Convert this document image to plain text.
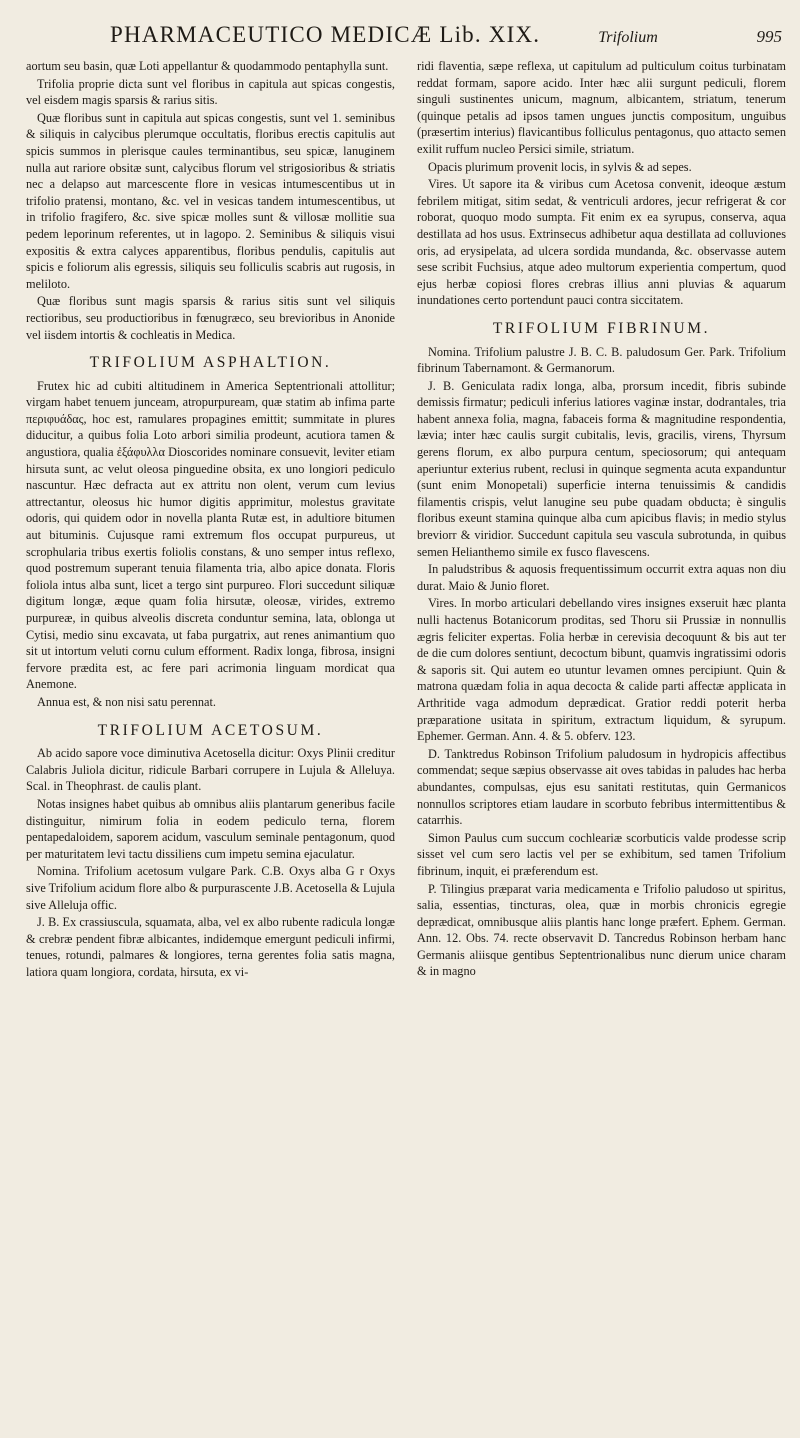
PHARMACEUTICO MEDICÆ Lib. XIX.	Trifolium	995

aortum seu basin, quæ Loti appellantur & quodammodo pentaphylla sunt.

Trifolia proprie dicta sunt vel floribus in capitula aut spicas congestis, vel eisdem magis sparsis & rarius sitis.

Quæ floribus sunt in capitula aut spicas congestis, sunt vel 1. seminibus & siliquis in calycibus plerumque occultatis, floribus erectis capitulis aut spicis summos in plerisque caules terminantibus, seu spicæ, lanuginem nulla aut rariore obsitæ sunt, calycibus florum vel strigosioribus & striatis nec a delapso aut marcescente flore in vesicas intumescentibus ut in trifolio pratensi, montano, &c. vel in vesicas tandem intumescentibus, ut in trifolio fragifero, &c. sive spicæ molles sunt & villosæ mollitie sua pedem leporinum referentes, ut in lagopo. 2. Seminibus & siliquis visui expositis & extra calyces apparentibus, floribus pendulis, capitulis aut spicis e foliorum alis egressis, siliquis seu folliculis scabris aut rugosis, in meliloto.

Quæ floribus sunt magis sparsis & rarius sitis sunt vel siliquis rectioribus, seu productioribus in fœnugræco, seu brevioribus in Anonide vel iisdem intortis & cochleatis in Medica.

TRIFOLIUM ASPHALTION.

Frutex hic ad cubiti altitudinem in America Septentrionali attollitur; virgam habet tenuem junceam, atropurpuream, quæ statim ab infima parte περιφυάδας, hoc est, ramulares propagines emittit; summitate in plures diducitur, a quibus folia Loto arbori similia prodeunt, acutiora tamen & angustiora, qualia ἐξάφυλλα Dioscorides nominare consuevit, leviter etiam hirsuta sunt, ac velut oleosa pinguedine obsita, ex uno longiori pediculo nascuntur. Hæc defracta aut ex attritu non olent, verum cum levius attrectantur, oleosus hic humor digitis apprimitur, molestus gravitate odoris, qui quidem odor in novella planta Rutæ est, in adultiore bitumen aut bituminis. Cujusque rami extremum flos occupat purpureus, ut scrophularia tribus exertis foliolis constans, & uno semper intus reflexo, quod postremum superant tenuia filamenta tria, albo apice donata. Floris foliola intus alba sunt, licet a tergo sint purpureo. Flori succedunt siliquæ digitum longæ, æque quam folia hirsutæ, oleosæ, virides, extremo purpureæ, in quibus alveolis discreta conduntur semina, lata, oblonga ut Cytisi, medio sinu excavata, ut faba purgatrix, aut renes animantium quo sit ut intortum veluti cornu culum efforment. Radix longa, fibrosa, insigni fervore prædita est, ac fere pari acrimonia linguam mordicat qua Anemone.

Annua est, & non nisi satu perennat.

TRIFOLIUM ACETOSUM.

Ab acido sapore voce diminutiva Acetosella dicitur: Oxys Plinii creditur Calabris Juliola dicitur, ridicule Barbari corrupere in Lujula & Alleluya. Scal. in Theophrast. de caulis plant.

Notas insignes habet quibus ab omnibus aliis plantarum generibus facile distinguitur, nimirum folia in eodem pediculo terna, florem pentapedaloidem, saporem acidum, vasculum seminale pentagonum, quod per maturitatem levi tactu dissiliens cum impetu semina ejaculatur.

Nomina. Trifolium acetosum vulgare Park. C.B. Oxys alba G r Oxys sive Trifolium acidum flore albo & purpurascente J.B. Acetosella & Lujula sive Alleluja offic.

J. B. Ex crassiuscula, squamata, alba, vel ex albo rubente radicula longæ & crebræ pendent fibræ albicantes, indidemque emergunt pediculi infirmi, tenues, rotundi, palmares & longiores, terna gerentes folia satis magna, latiora quam longiora, cordata, hirsuta, ex vi-

ridi flaventia, sæpe reflexa, ut capitulum ad pulticulum coitus turbinatam reddat formam, sapore acido. Inter hæc alii surgunt pediculi, florem singuli sustinentes unicum, magnum, albicantem, striatum, tenerum (quinque petalis ad ipsos tamen ungues junctis compositum, unguibus (præsertim interius) flavicantibus folliculus pentagonus, quo attacto semen exilit ruffum nucleo Persici simile, striatum.

Opacis plurimum provenit locis, in sylvis & ad sepes.

Vires. Ut sapore ita & viribus cum Acetosa convenit, ideoque æstum febrilem mitigat, sitim sedat, & ventriculi ardores, jecur refrigerat & cor roborat, quoquo modo sumpta. Fit enim ex ea syrupus, conserva, aqua destillata ad hos usus. Extrinsecus adhibetur aqua destillata ad colluviones oris, ad erysipelata, ad ulcera sordida mundanda, &c. observasse autem sese scribit Fuchsius, atque adeo multorum experientia compertum, quod ejus herbæ copiosi flores crebras illius anni pluvias & aquarum inundationes certo portendunt pauci contra siccitatem.

TRIFOLIUM FIBRINUM.

Nomina. Trifolium palustre J. B. C. B. paludosum Ger. Park. Trifolium fibrinum Tabernamont. & Germanorum.

J. B. Geniculata radix longa, alba, prorsum incedit, fibris subinde demissis firmatur; pediculi inferius latiores vaginæ instar, dodrantales, tria habent annexa folia, magna, fabaceis forma & magnitudine respondentia, lævia; inter hæc caulis surgit cubitalis, levis, gracilis, virens, Thyrsum gerens florum, ex albo purpura centum, speciosorum; qui antequam aperiuntur exterius rubent, reclusi in quinque segmenta acuta expanduntur (sunt enim Monopetali) superficie interna tenuissimis & candidis filamentis crispis, velut lanugine seu pube quadam obducta; è singulis floribus exeunt stamina quinque alba cum apicibus flavis; in medio stylus breviorr & viridior. Succedunt capitula seu vascula subrotunda, in quibus semen Helianthemo simile ex fusco flavescens.

In paludstribus & aquosis frequentissimum occurrit extra aquas non diu durat. Maio & Junio floret.

Vires. In morbo articulari debellando vires insignes exseruit hæc planta nulli hactenus Botanicorum proditas, sed Thoru sii Prussiæ in nonnullis ægris feliciter expertas. Folia herbæ in cerevisia decoquunt & bis aut ter de die cum dolores sentiunt, decoctum bibunt, quamvis ingratissimi odoris & saporis sit. Qui autem eo utuntur levamen omnes percipiunt. Quin & matrona quædam folia in aqua decocta & calide parti affectæ applicata in Arthritide vaga admodum deprædicat. Gratior reddi poterit herba præparatione usitata in spiritum, extractum liquidum, & syrupum. Ephemer. German. Ann. 4. & 5. obferv. 123.

D. Tanktredus Robinson Trifolium paludosum in hydropicis affectibus commendat; seque sæpius observasse ait oves tabidas in paludes hac herba abundantes, compulsas, ejus esu sanitati restitutas, quin Germanicos nonnullos scriptores etiam laudare in scorbuto febribus intermittentibus & catarrhis.

Simon Paulus cum succum cochleariæ scorbuticis valde prodesse scrip sisset vel cum sero lactis vel per se exhibitum, sed tamen Trifolium fibrinum, inquit, ei præferendum est.

P. Tilingius præparat varia medicamenta e Trifolio paludoso ut spiritus, salia, essentias, tincturas, olea, quæ in morbis chronicis egregie deprædicat, omnibusque aliis plantis hanc longe præfert. Ephem. German. Ann. 12. Obs. 74. recte observavit D. Tancredus Robinson herbam hanc Germanis aliisque gentibus Septentrionalibus nunc dierum unice charam & in magno
